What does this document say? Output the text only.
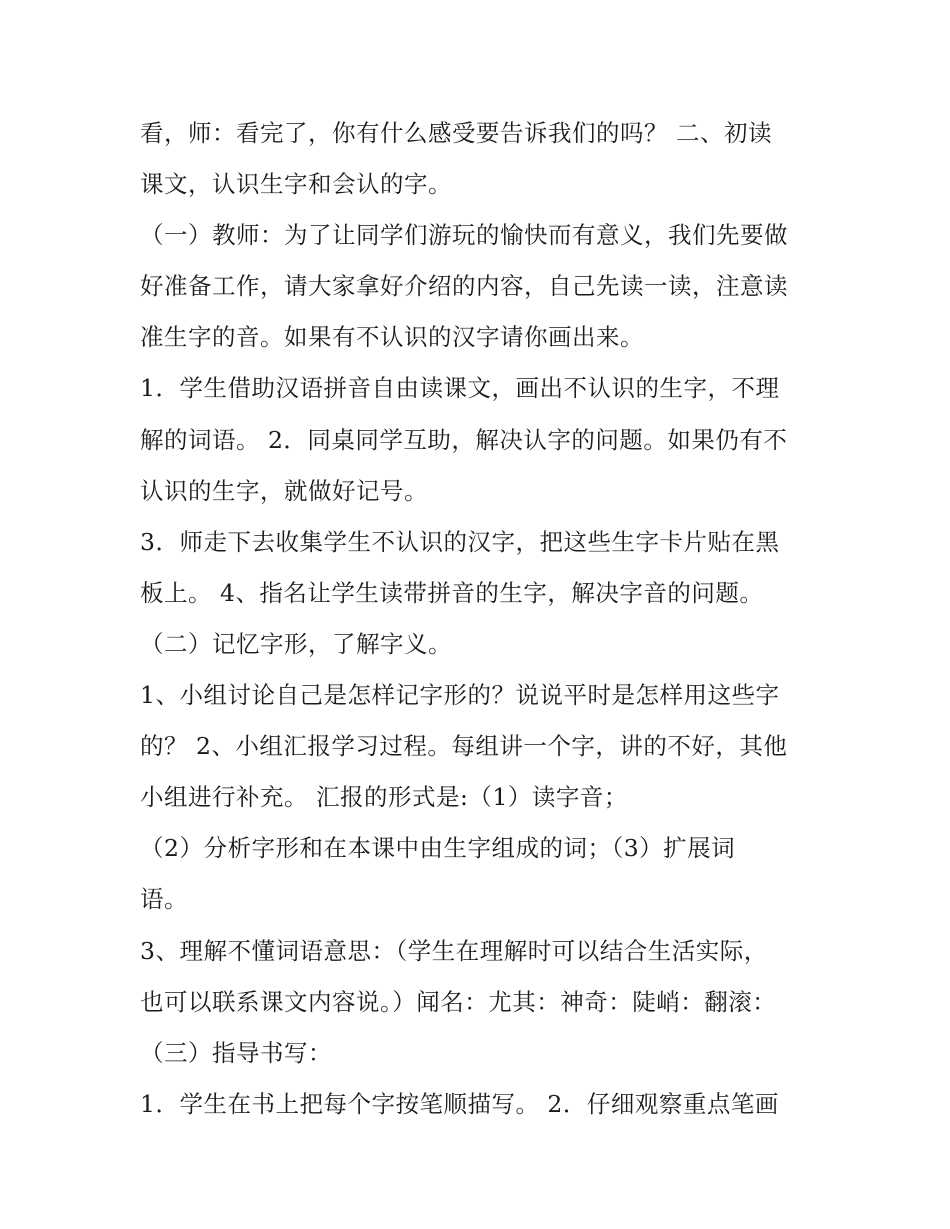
看，师：看完了，你有什么感受要告诉我们的吗？ 二、初读
课文，认识生字和会认的字。
（一）教师：为了让同学们游玩的愉快而有意义，我们先要做
好准备工作，请大家拿好介绍的内容，自己先读一读，注意读
准生字的音。如果有不认识的汉字请你画出来。
1．学生借助汉语拼音自由读课文，画出不认识的生字，不理
解的词语。 2．同桌同学互助，解决认字的问题。如果仍有不
认识的生字，就做好记号。
3．师走下去收集学生不认识的汉字，把这些生字卡片贴在黑
板上。 4、指名让学生读带拼音的生字，解决字音的问题。
（二）记忆字形，了解字义。
1、小组讨论自己是怎样记字形的？说说平时是怎样用这些字
的？ 2、小组汇报学习过程。每组讲一个字，讲的不好，其他
小组进行补充。 汇报的形式是:（1）读字音；
（2）分析字形和在本课中由生字组成的词；（3）扩展词
语。
3、理解不懂词语意思：（学生在理解时可以结合生活实际，
也可以联系课文内容说。）闻名：尤其：神奇：陡峭：翻滚：
（三）指导书写：
1．学生在书上把每个字按笔顺描写。 2．仔细观察重点笔画
